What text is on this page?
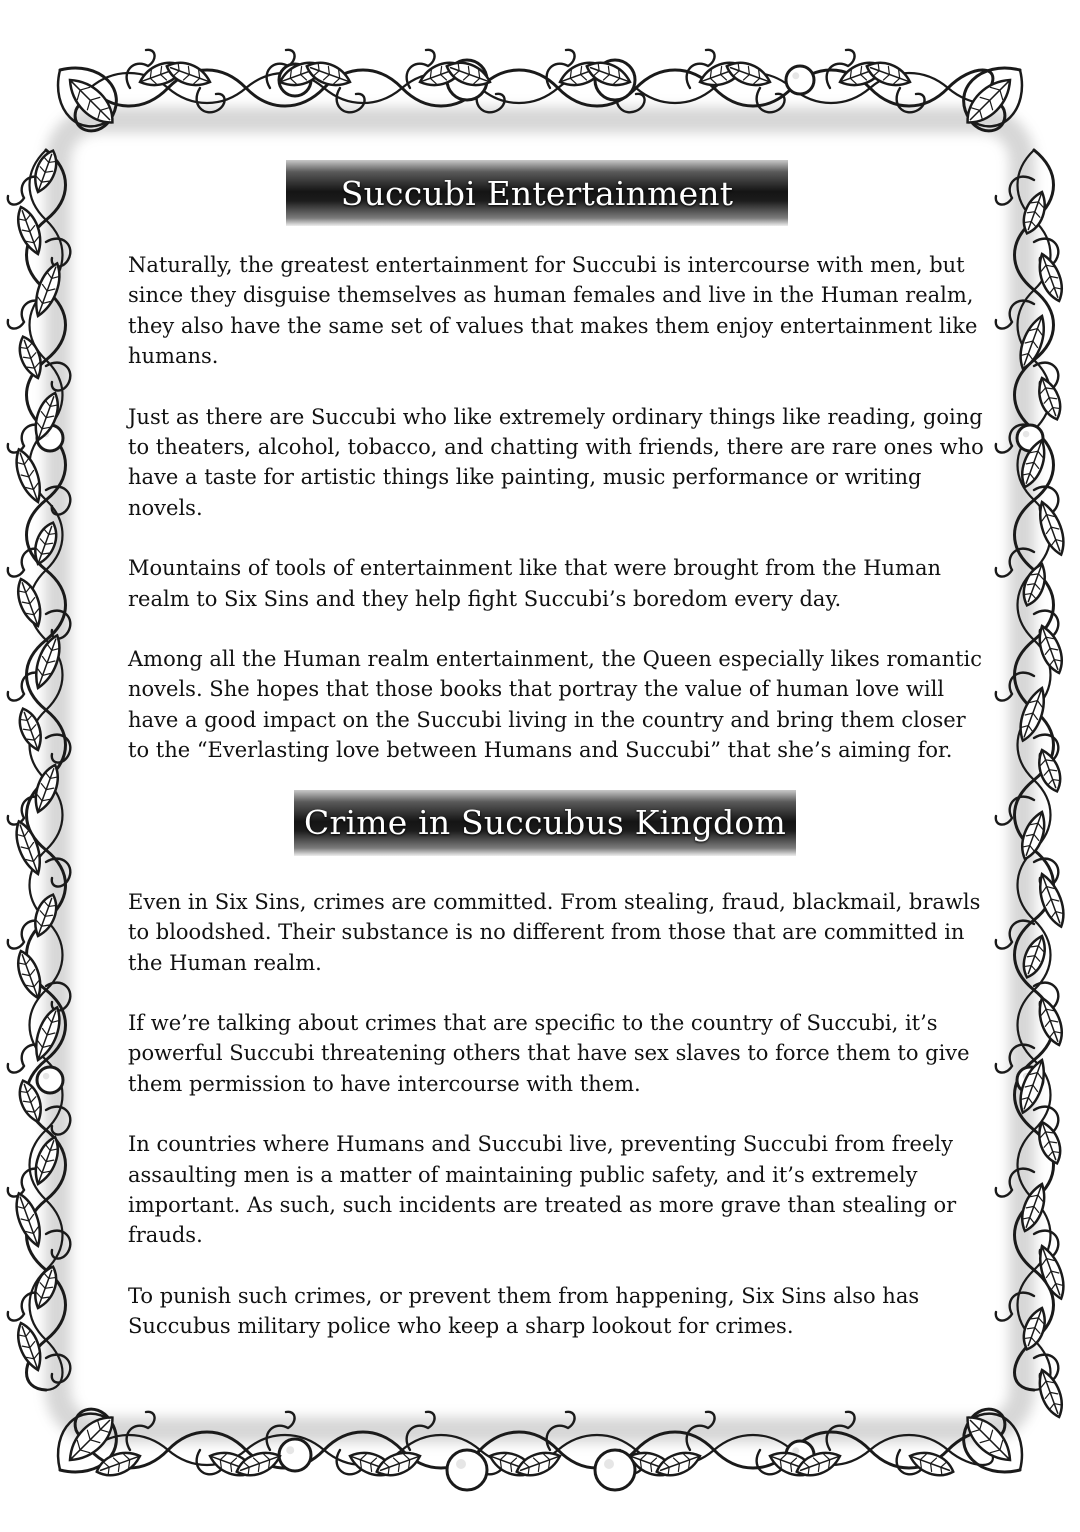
Succubi Entertainment

Naturally, the greatest entertainment for Succubi is intercourse with men, but since they disguise themselves as human females and live in the Human realm, they also have the same set of values that makes them enjoy entertainment like humans.

Just as there are Succubi who like extremely ordinary things like reading, going to theaters, alcohol, tobacco, and chatting with friends, there are rare ones who have a taste for artistic things like painting, music performance or writing novels.

Mountains of tools of entertainment like that were brought from the Human realm to Six Sins and they help fight Succubi’s boredom every day.

Among all the Human realm entertainment, the Queen especially likes romantic novels. She hopes that those books that portray the value of human love will have a good impact on the Succubi living in the country and bring them closer to the “Everlasting love between Humans and Succubi” that she’s aiming for.

Crime in Succubus Kingdom

Even in Six Sins, crimes are committed. From stealing, fraud, blackmail, brawls to bloodshed. Their substance is no different from those that are committed in the Human realm.

If we’re talking about crimes that are specific to the country of Succubi, it’s powerful Succubi threatening others that have sex slaves to force them to give them permission to have intercourse with them.

In countries where Humans and Succubi live, preventing Succubi from freely assaulting men is a matter of maintaining public safety, and it’s extremely important. As such, such incidents are treated as more grave than stealing or frauds.

To punish such crimes, or prevent them from happening, Six Sins also has Succubus military police who keep a sharp lookout for crimes.
